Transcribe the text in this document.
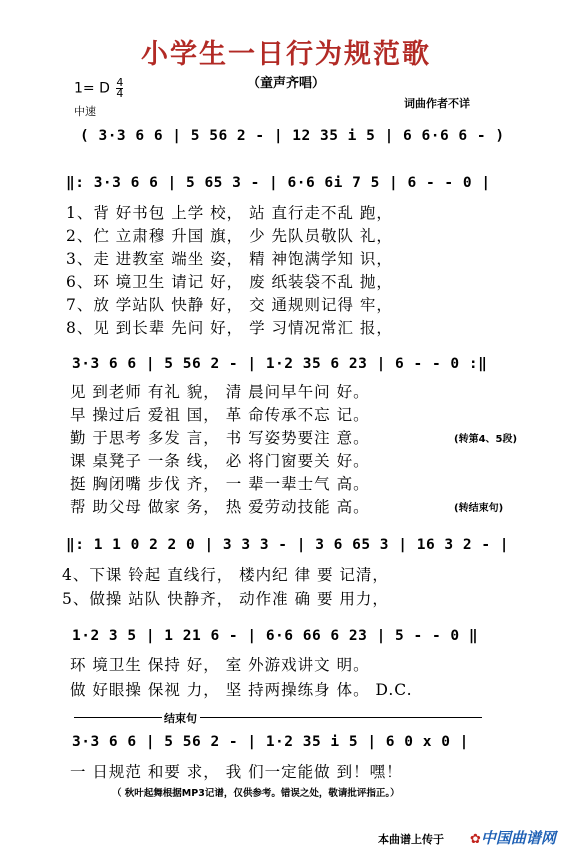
小学生一日行为规范歌
（童声齐唱）
1= D $\frac{4}{4}$
中速
词曲作者不详
( 3·3 6 6 | 5 56 2 - | 12 35 i 5 | 6 6·6 6 - )
‖: 3·3 6 6 | 5 65 3 - | 6·6 6i 7 5 | 6 - - 0 |
1、背 好书包 上学 校， 站 直行走不乱 跑，
2、伫 立肃穆 升国 旗， 少 先队员敬队 礼，
3、走 进教室 端坐 姿， 精 神饱满学知 识，
6、环 境卫生 请记 好， 废 纸装袋不乱 抛，
7、放 学站队 快静 好， 交 通规则记得 牢，
8、见 到长辈 先问 好， 学 习情况常汇 报，
3·3 6 6 | 5 56 2 - | 1·2 35 6 23 | 6 - - 0 :‖
见 到老师 有礼 貌， 清 晨问早午问 好。
早 操过后 爱祖 国， 革 命传承不忘 记。
勤 于思考 多发 言， 书 写姿势要注 意。	(转第4、5段)
课 桌凳子 一条 线， 必 将门窗要关 好。
挺 胸闭嘴 步伐 齐， 一 辈一辈士气 高。
帮 助父母 做家 务， 热 爱劳动技能 高。	(转结束句)
‖: 1 1 0 2 2 0 | 3 3 3 - | 3 6 65 3 | 16 3 2 - |
4、下课 铃起 直线行， 楼内纪 律 要 记清，
5、做操 站队 快静齐， 动作准 确 要 用力，
1·2 3 5 | 1 21 6 - | 6·6 66 6 23 | 5 - - 0 ‖
环 境卫生 保持 好， 室 外游戏讲文 明。
做 好眼操 保视 力， 坚 持两操练身 体。 D.C.
结束句
3·3 6 6 | 5 56 2 - | 1·2 35 i 5 | 6 0 x 0 |
一 日规范 和要 求， 我 们一定能做 到！嘿！
（ 秋叶起舞根据MP3记谱，仅供参考。错误之处，敬请批评指正。）
本曲谱上传于 ✿中国曲谱网
